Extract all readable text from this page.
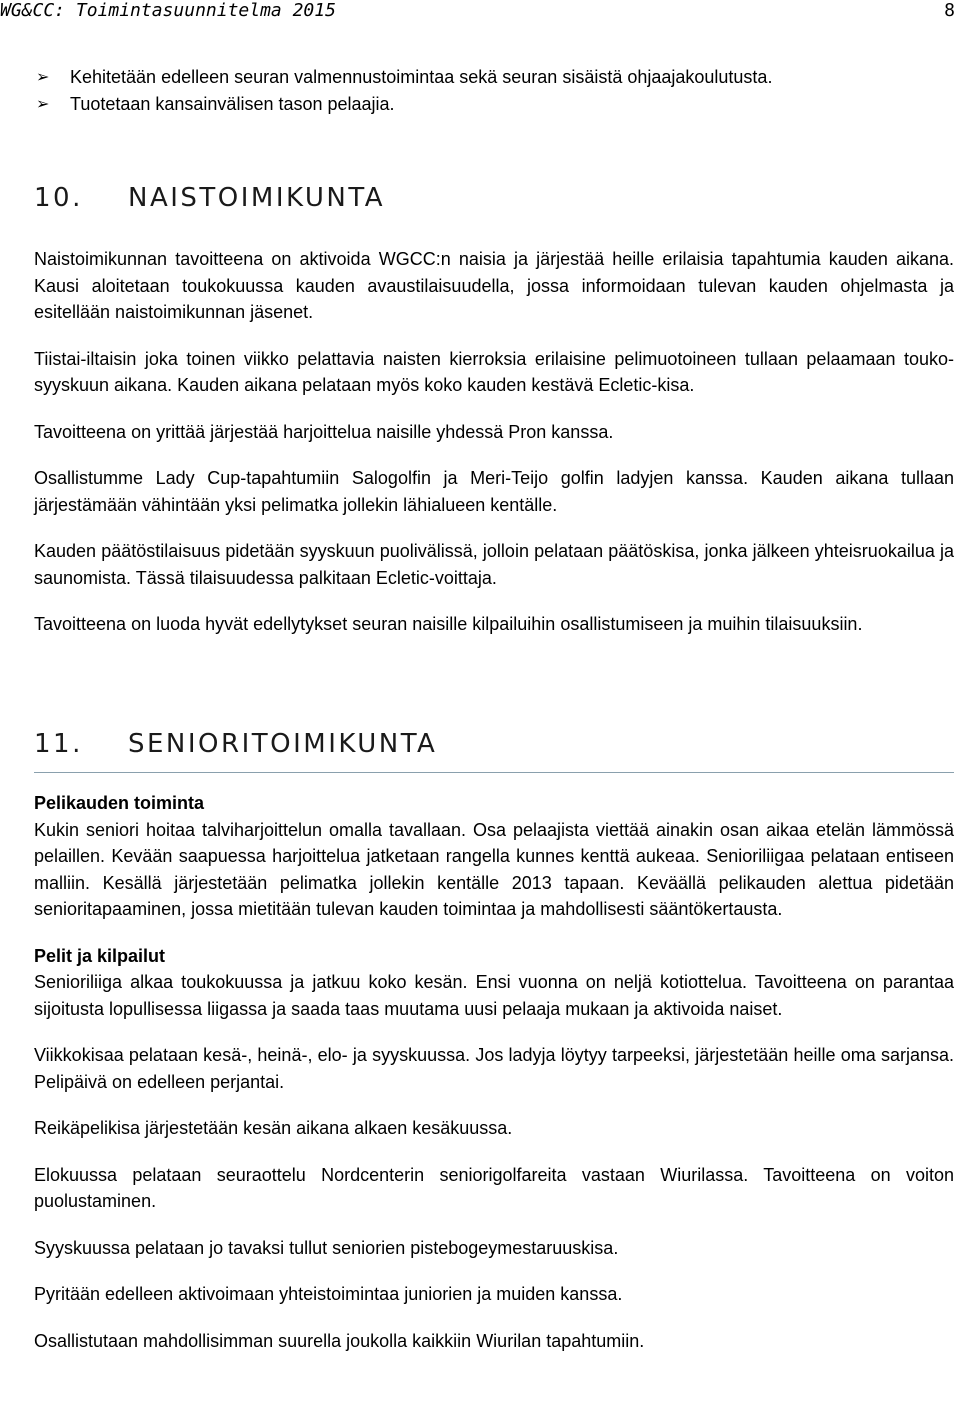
WG&CC: Toimintasuunnitelma 2015	8
➢	Kehitetään edelleen seuran valmennustoimintaa sekä seuran sisäistä ohjaajakoulutusta.
➢	Tuotetaan kansainvälisen tason pelaajia.
10. NAISTOIMIKUNTA

Naistoimikunnan tavoitteena on aktivoida WGCC:n naisia ja järjestää heille erilaisia tapahtumia kauden aikana. Kausi aloitetaan toukokuussa kauden avaustilaisuudella, jossa informoidaan tulevan kauden ohjelmasta ja esitellään naistoimikunnan jäsenet.

Tiistai-iltaisin joka toinen viikko pelattavia naisten kierroksia erilaisine pelimuotoineen tullaan pelaamaan touko-syyskuun aikana. Kauden aikana pelataan myös koko kauden kestävä Ecletic-kisa.

Tavoitteena on yrittää järjestää harjoittelua naisille yhdessä Pron kanssa.

Osallistumme Lady Cup-tapahtumiin Salogolfin ja Meri-Teijo golfin ladyjen kanssa. Kauden aikana tullaan järjestämään vähintään yksi pelimatka jollekin lähialueen kentälle.

Kauden päätöstilaisuus pidetään syyskuun puolivälissä, jolloin pelataan päätöskisa, jonka jälkeen yhteisruokailua ja saunomista. Tässä tilaisuudessa palkitaan Ecletic-voittaja.

Tavoitteena on luoda hyvät edellytykset seuran naisille kilpailuihin osallistumiseen ja muihin tilaisuuksiin.

11. SENIORITOIMIKUNTA

Pelikauden toiminta

Kukin seniori hoitaa talviharjoittelun omalla tavallaan. Osa pelaajista viettää ainakin osan aikaa etelän lämmössä pelaillen. Kevään saapuessa harjoittelua jatketaan rangella kunnes kenttä aukeaa. Senioriliigaa pelataan entiseen malliin. Kesällä järjestetään pelimatka jollekin kentälle 2013 tapaan. Keväällä pelikauden alettua pidetään senioritapaaminen, jossa mietitään tulevan kauden toimintaa ja mahdollisesti sääntökertausta.

Pelit ja kilpailut

Senioriliiga alkaa toukokuussa ja jatkuu koko kesän. Ensi vuonna on neljä kotiottelua. Tavoitteena on parantaa sijoitusta lopullisessa liigassa ja saada taas muutama uusi pelaaja mukaan ja aktivoida naiset.

Viikkokisaa pelataan kesä-, heinä-, elo- ja syyskuussa. Jos ladyja löytyy tarpeeksi, järjestetään heille oma sarjansa. Pelipäivä on edelleen perjantai.

Reikäpelikisa järjestetään kesän aikana alkaen kesäkuussa.

Elokuussa pelataan seuraottelu Nordcenterin seniorigolfareita vastaan Wiurilassa. Tavoitteena on voiton puolustaminen.

Syyskuussa pelataan jo tavaksi tullut seniorien pistebogeymestaruuskisa.

Pyritään edelleen aktivoimaan yhteistoimintaa juniorien ja muiden kanssa.

Osallistutaan mahdollisimman suurella joukolla kaikkiin Wiurilan tapahtumiin.
